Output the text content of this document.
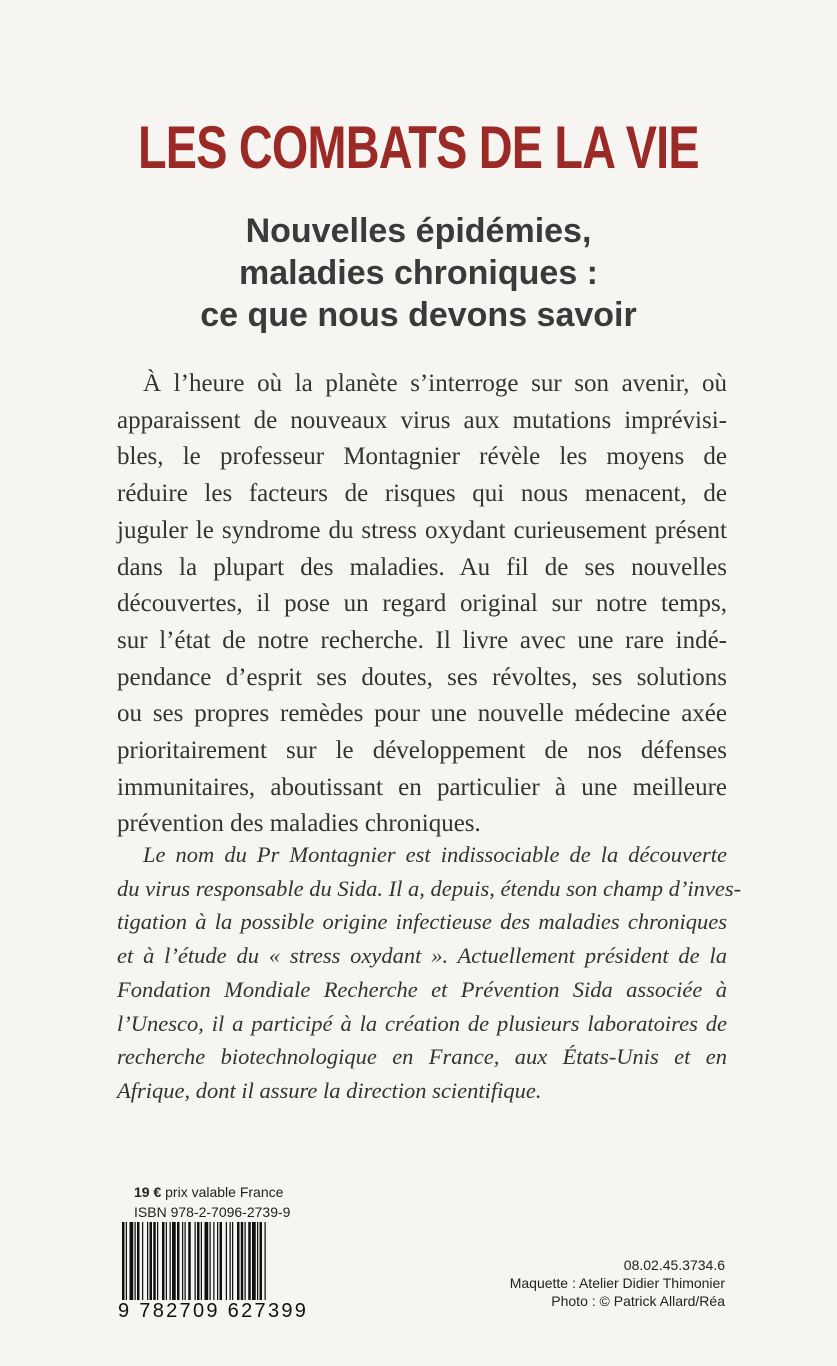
LES COMBATS DE LA VIE
Nouvelles épidémies,
maladies chroniques :
ce que nous devons savoir
À l’heure où la planète s’interroge sur son avenir, où
apparaissent de nouveaux virus aux mutations imprévisi-
bles, le professeur Montagnier révèle les moyens de
réduire les facteurs de risques qui nous menacent, de
juguler le syndrome du stress oxydant curieusement présent
dans la plupart des maladies. Au fil de ses nouvelles
découvertes, il pose un regard original sur notre temps,
sur l’état de notre recherche. Il livre avec une rare indé-
pendance d’esprit ses doutes, ses révoltes, ses solutions
ou ses propres remèdes pour une nouvelle médecine axée
prioritairement sur le développement de nos défenses
immunitaires, aboutissant en particulier à une meilleure
prévention des maladies chroniques.
Le nom du Pr Montagnier est indissociable de la découverte
du virus responsable du Sida. Il a, depuis, étendu son champ d’inves-
tigation à la possible origine infectieuse des maladies chroniques
et à l’étude du « stress oxydant ». Actuellement président de la
Fondation Mondiale Recherche et Prévention Sida associée à
l’Unesco, il a participé à la création de plusieurs laboratoires de
recherche biotechnologique en France, aux États-Unis et en
Afrique, dont il assure la direction scientifique.
19 € prix valable France
ISBN 978-2-7096-2739-9
9 782709 627399
08.02.45.3734.6
Maquette : Atelier Didier Thimonier
Photo : © Patrick Allard/Réa
